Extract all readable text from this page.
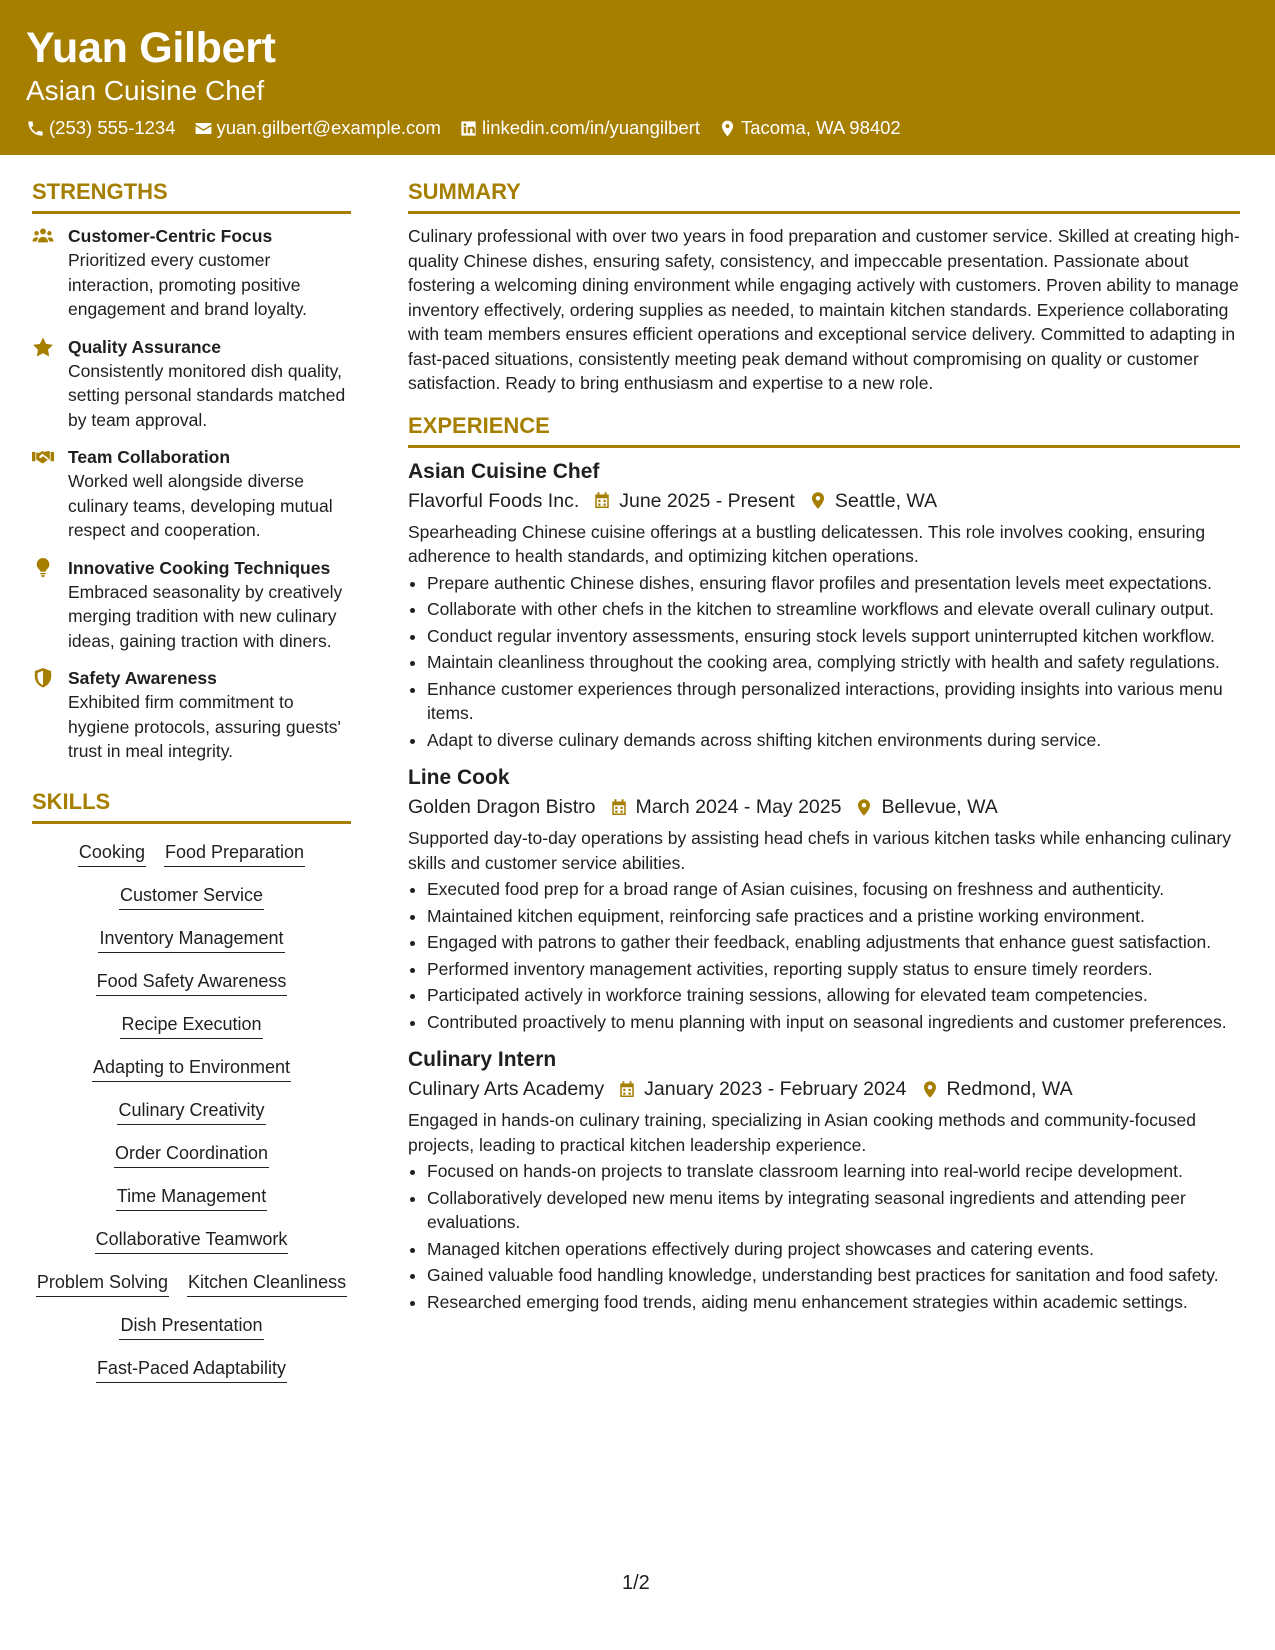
Yuan Gilbert
Asian Cuisine Chef
(253) 555-1234 yuan.gilbert@example.com linkedin.com/in/yuangilbert Tacoma, WA 98402
STRENGTHS
Customer-Centric Focus
Prioritized every customer interaction, promoting positive engagement and brand loyalty.
Quality Assurance
Consistently monitored dish quality, setting personal standards matched by team approval.
Team Collaboration
Worked well alongside diverse culinary teams, developing mutual respect and cooperation.
Innovative Cooking Techniques
Embraced seasonality by creatively merging tradition with new culinary ideas, gaining traction with diners.
Safety Awareness
Exhibited firm commitment to hygiene protocols, assuring guests' trust in meal integrity.
SKILLS
Cooking Food Preparation
Customer Service
Inventory Management
Food Safety Awareness
Recipe Execution
Adapting to Environment
Culinary Creativity
Order Coordination
Time Management
Collaborative Teamwork
Problem Solving Kitchen Cleanliness
Dish Presentation
Fast-Paced Adaptability
SUMMARY
Culinary professional with over two years in food preparation and customer service. Skilled at creating high-quality Chinese dishes, ensuring safety, consistency, and impeccable presentation. Passionate about fostering a welcoming dining environment while engaging actively with customers. Proven ability to manage inventory effectively, ordering supplies as needed, to maintain kitchen standards. Experience collaborating with team members ensures efficient operations and exceptional service delivery. Committed to adapting in fast-paced situations, consistently meeting peak demand without compromising on quality or customer satisfaction. Ready to bring enthusiasm and expertise to a new role.
EXPERIENCE
Asian Cuisine Chef
Flavorful Foods Inc. June 2025 - Present Seattle, WA
Spearheading Chinese cuisine offerings at a bustling delicatessen. This role involves cooking, ensuring adherence to health standards, and optimizing kitchen operations.
• Prepare authentic Chinese dishes, ensuring flavor profiles and presentation levels meet expectations.
• Collaborate with other chefs in the kitchen to streamline workflows and elevate overall culinary output.
• Conduct regular inventory assessments, ensuring stock levels support uninterrupted kitchen workflow.
• Maintain cleanliness throughout the cooking area, complying strictly with health and safety regulations.
• Enhance customer experiences through personalized interactions, providing insights into various menu items.
• Adapt to diverse culinary demands across shifting kitchen environments during service.
Line Cook
Golden Dragon Bistro March 2024 - May 2025 Bellevue, WA
Supported day-to-day operations by assisting head chefs in various kitchen tasks while enhancing culinary skills and customer service abilities.
• Executed food prep for a broad range of Asian cuisines, focusing on freshness and authenticity.
• Maintained kitchen equipment, reinforcing safe practices and a pristine working environment.
• Engaged with patrons to gather their feedback, enabling adjustments that enhance guest satisfaction.
• Performed inventory management activities, reporting supply status to ensure timely reorders.
• Participated actively in workforce training sessions, allowing for elevated team competencies.
• Contributed proactively to menu planning with input on seasonal ingredients and customer preferences.
Culinary Intern
Culinary Arts Academy January 2023 - February 2024 Redmond, WA
Engaged in hands-on culinary training, specializing in Asian cooking methods and community-focused projects, leading to practical kitchen leadership experience.
• Focused on hands-on projects to translate classroom learning into real-world recipe development.
• Collaboratively developed new menu items by integrating seasonal ingredients and attending peer evaluations.
• Managed kitchen operations effectively during project showcases and catering events.
• Gained valuable food handling knowledge, understanding best practices for sanitation and food safety.
• Researched emerging food trends, aiding menu enhancement strategies within academic settings.
1/2
